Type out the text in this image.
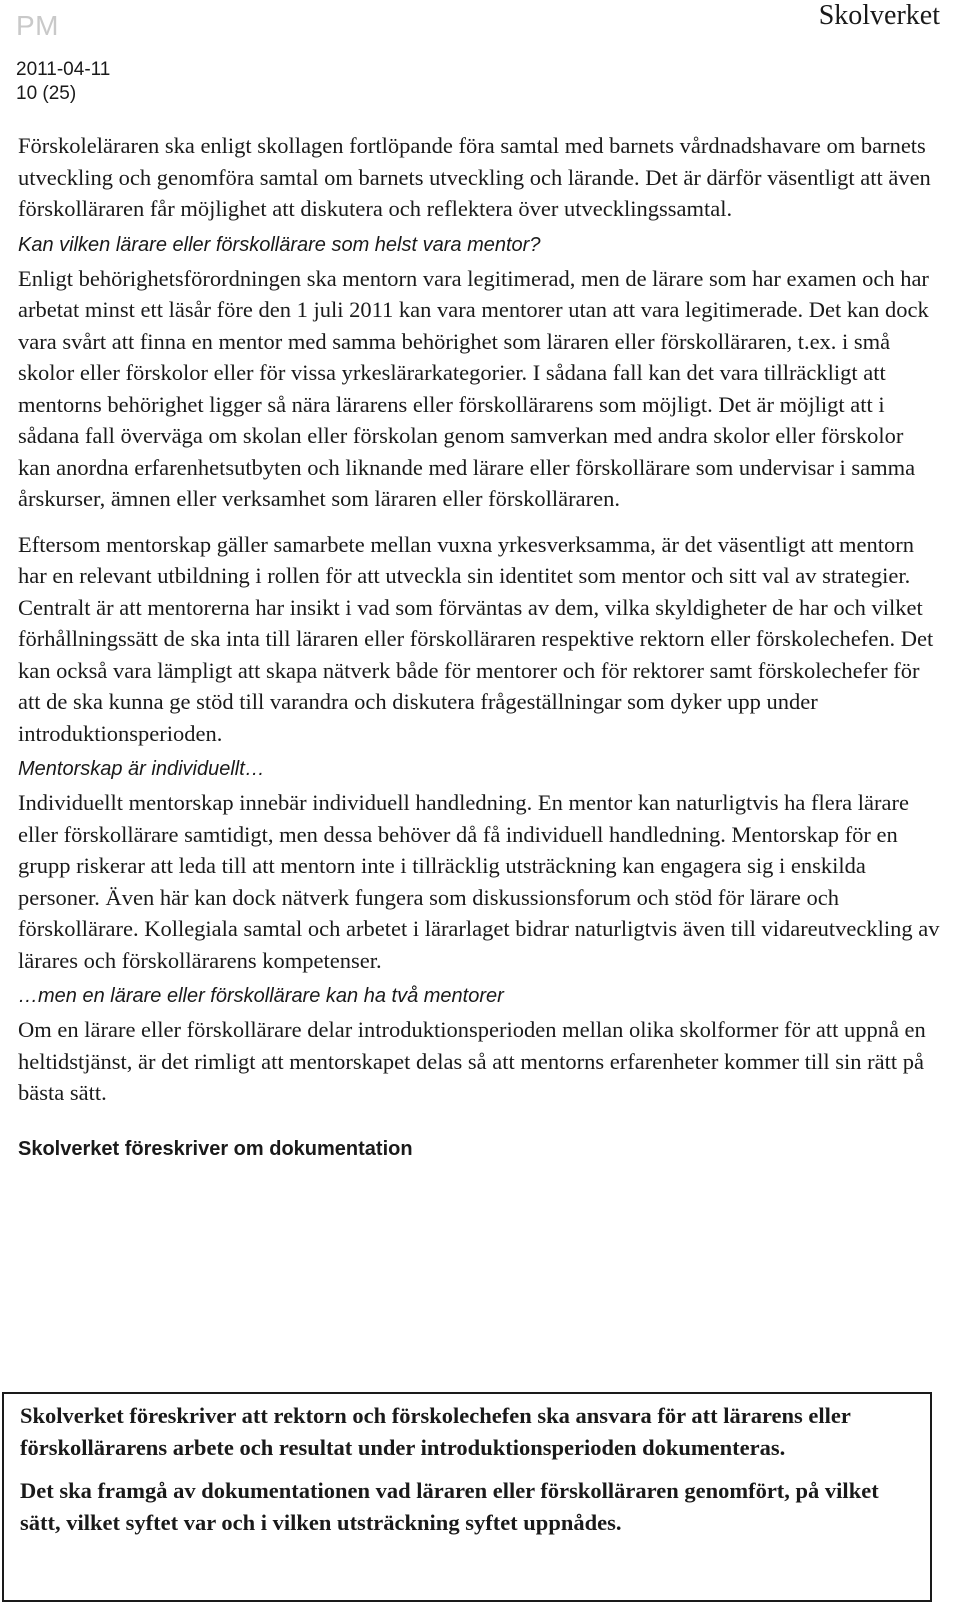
PM	Skolverket
2011-04-11
10 (25)

Förskoleläraren ska enligt skollagen fortlöpande föra samtal med barnets vårdnadshavare om barnets utveckling och genomföra samtal om barnets utveckling och lärande. Det är därför väsentligt att även förskolläraren får möjlighet att diskutera och reflektera över utvecklingssamtal.

Kan vilken lärare eller förskollärare som helst vara mentor?

Enligt behörighetsförordningen ska mentorn vara legitimerad, men de lärare som har examen och har arbetat minst ett läsår före den 1 juli 2011 kan vara mentorer utan att vara legitimerade. Det kan dock vara svårt att finna en mentor med samma behörighet som läraren eller förskolläraren, t.ex. i små skolor eller förskolor eller för vissa yrkeslärarkategorier. I sådana fall kan det vara tillräckligt att mentorns behörighet ligger så nära lärarens eller förskollärarens som möjligt. Det är möjligt att i sådana fall överväga om skolan eller förskolan genom samverkan med andra skolor eller förskolor kan anordna erfarenhetsutbyten och liknande med lärare eller förskollärare som undervisar i samma årskurser, ämnen eller verksamhet som läraren eller förskolläraren.

Eftersom mentorskap gäller samarbete mellan vuxna yrkesverksamma, är det väsentligt att mentorn har en relevant utbildning i rollen för att utveckla sin identitet som mentor och sitt val av strategier. Centralt är att mentorerna har insikt i vad som förväntas av dem, vilka skyldigheter de har och vilket förhållningssätt de ska inta till läraren eller förskolläraren respektive rektorn eller förskolechefen. Det kan också vara lämpligt att skapa nätverk både för mentorer och för rektorer samt förskolechefer för att de ska kunna ge stöd till varandra och diskutera frågeställningar som dyker upp under introduktionsperioden.

Mentorskap är individuellt…

Individuellt mentorskap innebär individuell handledning. En mentor kan naturligtvis ha flera lärare eller förskollärare samtidigt, men dessa behöver då få individuell handledning. Mentorskap för en grupp riskerar att leda till att mentorn inte i tillräcklig utsträckning kan engagera sig i enskilda personer. Även här kan dock nätverk fungera som diskussionsforum och stöd för lärare och förskollärare. Kollegiala samtal och arbetet i lärarlaget bidrar naturligtvis även till vidareutveckling av lärares och förskollärarens kompetenser.

…men en lärare eller förskollärare kan ha två mentorer

Om en lärare eller förskollärare delar introduktionsperioden mellan olika skolformer för att uppnå en heltidstjänst, är det rimligt att mentorskapet delas så att mentorns erfarenheter kommer till sin rätt på bästa sätt.

Skolverket föreskriver om dokumentation

Skolverket föreskriver att rektorn och förskolechefen ska ansvara för att lärarens eller förskollärarens arbete och resultat under introduktionsperioden dokumenteras.

Det ska framgå av dokumentationen vad läraren eller förskolläraren genomfört, på vilket sätt, vilket syftet var och i vilken utsträckning syftet uppnådes.
